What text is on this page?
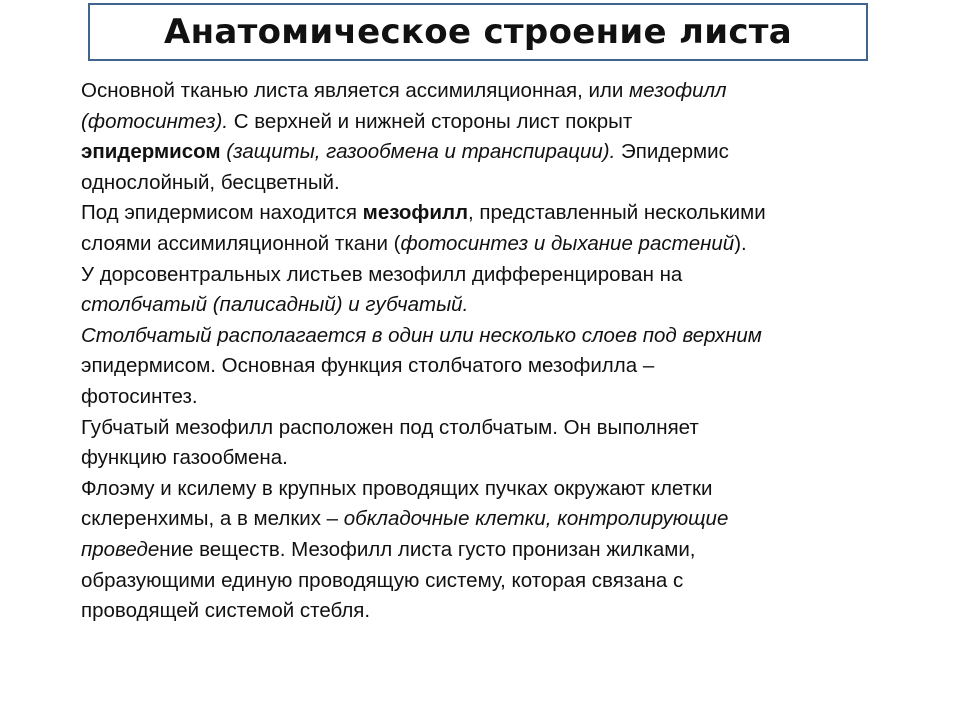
Анатомическое строение листа

Основной тканью листа является ассимиляционная, или мезофилл
(фотосинтез). С верхней и нижней стороны лист покрыт
эпидермисом (защиты, газообмена и транспирации). Эпидермис
однослойный, бесцветный.

Под эпидермисом находится мезофилл, представленный несколькими
слоями ассимиляционной ткани (фотосинтез и дыхание растений).

У дорсовентральных листьев мезофилл дифференцирован на
столбчатый (палисадный) и губчатый.

Столбчатый располагается в один или несколько слоев под верхним
эпидермисом. Основная функция столбчатого мезофилла –
фотосинтез.

Губчатый мезофилл расположен под столбчатым. Он выполняет
функцию газообмена.

Флоэму и ксилему в крупных проводящих пучках окружают клетки
склеренхимы, а в мелких – обкладочные клетки, контролирующие
проведение веществ. Мезофилл листа густо пронизан жилками,
образующими единую проводящую систему, которая связана с
проводящей системой стебля.
